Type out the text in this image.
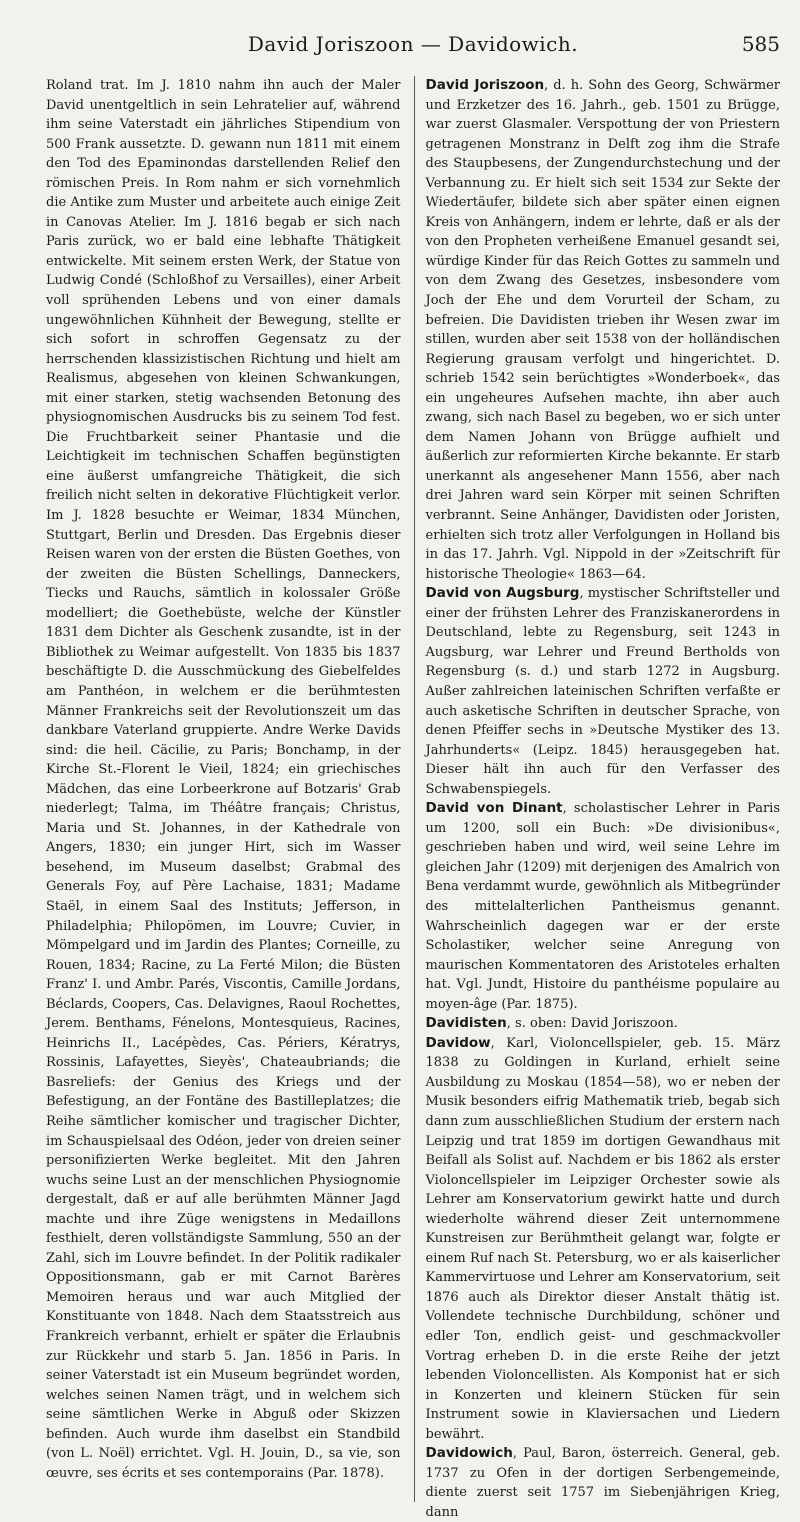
David Joriszoon — Davidowich.	585

Roland trat. Im J. 1810 nahm ihn auch der Maler David unentgeltlich in sein Lehratelier auf, während ihm seine Vaterstadt ein jährliches Stipendium von 500 Frank aussetzte. D. gewann nun 1811 mit einem den Tod des Epaminondas darstellenden Relief den römischen Preis. In Rom nahm er sich vornehmlich die Antike zum Muster und arbeitete auch einige Zeit in Canovas Atelier. Im J. 1816 begab er sich nach Paris zurück, wo er bald eine lebhafte Thätigkeit entwickelte. Mit seinem ersten Werk, der Statue von Ludwig Condé (Schloßhof zu Versailles), einer Arbeit voll sprühenden Lebens und von einer damals ungewöhnlichen Kühnheit der Bewegung, stellte er sich sofort in schroffen Gegensatz zu der herrschenden klassizistischen Richtung und hielt am Realismus, abgesehen von kleinen Schwankungen, mit einer starken, stetig wachsenden Betonung des physiognomischen Ausdrucks bis zu seinem Tod fest. Die Fruchtbarkeit seiner Phantasie und die Leichtigkeit im technischen Schaffen begünstigten eine äußerst umfangreiche Thätigkeit, die sich freilich nicht selten in dekorative Flüchtigkeit verlor. Im J. 1828 besuchte er Weimar, 1834 München, Stuttgart, Berlin und Dresden. Das Ergebnis dieser Reisen waren von der ersten die Büsten Goethes, von der zweiten die Büsten Schellings, Danneckers, Tiecks und Rauchs, sämtlich in kolossaler Größe modelliert; die Goethebüste, welche der Künstler 1831 dem Dichter als Geschenk zusandte, ist in der Bibliothek zu Weimar aufgestellt. Von 1835 bis 1837 beschäftigte D. die Ausschmückung des Giebelfeldes am Panthéon, in welchem er die berühmtesten Männer Frankreichs seit der Revolutionszeit um das dankbare Vaterland gruppierte. Andre Werke Davids sind: die heil. Cäcilie, zu Paris; Bonchamp, in der Kirche St.-Florent le Vieil, 1824; ein griechisches Mädchen, das eine Lorbeerkrone auf Botzaris' Grab niederlegt; Talma, im Théâtre français; Christus, Maria und St. Johannes, in der Kathedrale von Angers, 1830; ein junger Hirt, sich im Wasser besehend, im Museum daselbst; Grabmal des Generals Foy, auf Père Lachaise, 1831; Madame Staël, in einem Saal des Instituts; Jefferson, in Philadelphia; Philopömen, im Louvre; Cuvier, in Mömpelgard und im Jardin des Plantes; Corneille, zu Rouen, 1834; Racine, zu La Ferté Milon; die Büsten Franz' I. und Ambr. Parés, Viscontis, Camille Jordans, Béclards, Coopers, Cas. Delavignes, Raoul Rochettes, Jerem. Benthams, Fénelons, Montesquieus, Racines, Heinrichs II., Lacépèdes, Cas. Périers, Kératrys, Rossinis, Lafayettes, Sieyès', Chateaubriands; die Basreliefs: der Genius des Kriegs und der Befestigung, an der Fontäne des Bastilleplatzes; die Reihe sämtlicher komischer und tragischer Dichter, im Schauspielsaal des Odéon, jeder von dreien seiner personifizierten Werke begleitet. Mit den Jahren wuchs seine Lust an der menschlichen Physiognomie dergestalt, daß er auf alle berühmten Männer Jagd machte und ihre Züge wenigstens in Medaillons festhielt, deren vollständigste Sammlung, 550 an der Zahl, sich im Louvre befindet. In der Politik radikaler Oppositionsmann, gab er mit Carnot Barères Memoiren heraus und war auch Mitglied der Konstituante von 1848. Nach dem Staatsstreich aus Frankreich verbannt, erhielt er später die Erlaubnis zur Rückkehr und starb 5. Jan. 1856 in Paris. In seiner Vaterstadt ist ein Museum begründet worden, welches seinen Namen trägt, und in welchem sich seine sämtlichen Werke in Abguß oder Skizzen befinden. Auch wurde ihm daselbst ein Standbild (von L. Noël) errichtet. Vgl. H. Jouin, D., sa vie, son œuvre, ses écrits et ses contemporains (Par. 1878).

David Joriszoon, d. h. Sohn des Georg, Schwärmer und Erzketzer des 16. Jahrh., geb. 1501 zu Brügge, war zuerst Glasmaler. Verspottung der von Priestern getragenen Monstranz in Delft zog ihm die Strafe des Staupbesens, der Zungendurchstechung und der Verbannung zu. Er hielt sich seit 1534 zur Sekte der Wiedertäufer, bildete sich aber später einen eignen Kreis von Anhängern, indem er lehrte, daß er als der von den Propheten verheißene Emanuel gesandt sei, würdige Kinder für das Reich Gottes zu sammeln und von dem Zwang des Gesetzes, insbesondere vom Joch der Ehe und dem Vorurteil der Scham, zu befreien. Die Davidisten trieben ihr Wesen zwar im stillen, wurden aber seit 1538 von der holländischen Regierung grausam verfolgt und hingerichtet. D. schrieb 1542 sein berüchtigtes »Wonderboek«, das ein ungeheures Aufsehen machte, ihn aber auch zwang, sich nach Basel zu begeben, wo er sich unter dem Namen Johann von Brügge aufhielt und äußerlich zur reformierten Kirche bekannte. Er starb unerkannt als angesehener Mann 1556, aber nach drei Jahren ward sein Körper mit seinen Schriften verbrannt. Seine Anhänger, Davidisten oder Joristen, erhielten sich trotz aller Verfolgungen in Holland bis in das 17. Jahrh. Vgl. Nippold in der »Zeitschrift für historische Theologie« 1863—64.

David von Augsburg, mystischer Schriftsteller und einer der frühsten Lehrer des Franziskanerordens in Deutschland, lebte zu Regensburg, seit 1243 in Augsburg, war Lehrer und Freund Bertholds von Regensburg (s. d.) und starb 1272 in Augsburg. Außer zahlreichen lateinischen Schriften verfaßte er auch asketische Schriften in deutscher Sprache, von denen Pfeiffer sechs in »Deutsche Mystiker des 13. Jahrhunderts« (Leipz. 1845) herausgegeben hat. Dieser hält ihn auch für den Verfasser des Schwabenspiegels.

David von Dinant, scholastischer Lehrer in Paris um 1200, soll ein Buch: »De divisionibus«, geschrieben haben und wird, weil seine Lehre im gleichen Jahr (1209) mit derjenigen des Amalrich von Bena verdammt wurde, gewöhnlich als Mitbegründer des mittelalterlichen Pantheismus genannt. Wahrscheinlich dagegen war er der erste Scholastiker, welcher seine Anregung von maurischen Kommentatoren des Aristoteles erhalten hat. Vgl. Jundt, Histoire du panthéisme populaire au moyen-âge (Par. 1875).

Davidisten, s. oben: David Joriszoon.

Davidow, Karl, Violoncellspieler, geb. 15. März 1838 zu Goldingen in Kurland, erhielt seine Ausbildung zu Moskau (1854—58), wo er neben der Musik besonders eifrig Mathematik trieb, begab sich dann zum ausschließlichen Studium der erstern nach Leipzig und trat 1859 im dortigen Gewandhaus mit Beifall als Solist auf. Nachdem er bis 1862 als erster Violoncellspieler im Leipziger Orchester sowie als Lehrer am Konservatorium gewirkt hatte und durch wiederholte während dieser Zeit unternommene Kunstreisen zur Berühmtheit gelangt war, folgte er einem Ruf nach St. Petersburg, wo er als kaiserlicher Kammervirtuose und Lehrer am Konservatorium, seit 1876 auch als Direktor dieser Anstalt thätig ist. Vollendete technische Durchbildung, schöner und edler Ton, endlich geist- und geschmackvoller Vortrag erheben D. in die erste Reihe der jetzt lebenden Violoncellisten. Als Komponist hat er sich in Konzerten und kleinern Stücken für sein Instrument sowie in Klaviersachen und Liedern bewährt.

Davidowich, Paul, Baron, österreich. General, geb. 1737 zu Ofen in der dortigen Serbengemeinde, diente zuerst seit 1757 im Siebenjährigen Krieg, dann
